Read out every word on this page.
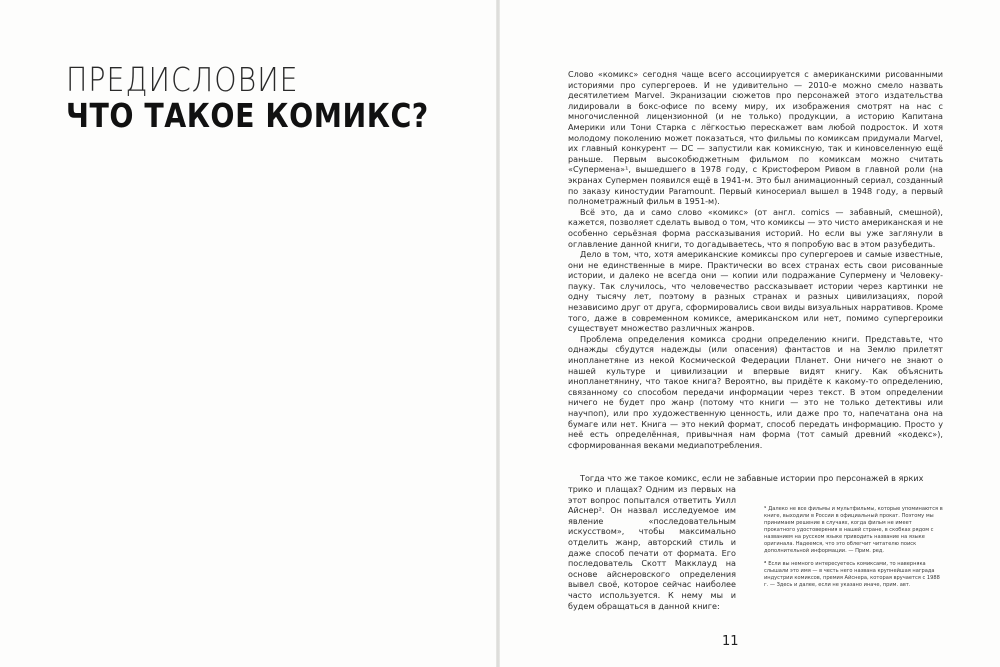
ПРЕДИСЛОВИЕ
ЧТО ТАКОЕ КОМИКС?

Слово «комикс» сегодня чаще всего ассоциируется с американскими рисованными историями про супергероев. И не удивительно — 2010-е можно смело назвать десятилетием Marvel. Экранизации сюжетов про персонажей этого издательства лидировали в бокс-офисе по всему миру, их изображения смотрят на нас с многочисленной лицензионной (и не только) продукции, а историю Капитана Америки или Тони Старка с лёгкостью перескажет вам любой подросток. И хотя молодому поколению может показаться, что фильмы по комиксам придумали Marvel, их главный конкурент — DC — запустили как комиксную, так и киновселенную ещё раньше. Первым высокобюджетным фильмом по комиксам можно считать «Супермена»¹, вышедшего в 1978 году, с Кристофером Ривом в главной роли (на экранах Супермен появился ещё в 1941-м. Это был анимационный сериал, созданный по заказу киностудии Paramount. Первый киносериал вышел в 1948 году, а первый полнометражный фильм в 1951-м).

Всё это, да и само слово «комикс» (от англ. comics — забавный, смешной), кажется, позволяет сделать вывод о том, что комиксы — это чисто американская и не особенно серьёзная форма рассказывания историй. Но если вы уже заглянули в оглавление данной книги, то догадываетесь, что я попробую вас в этом разубедить.

Дело в том, что, хотя американские комиксы про супергероев и самые известные, они не единственные в мире. Практически во всех странах есть свои рисованные истории, и далеко не всегда они — копии или подражание Супермену и Человеку-пауку. Так случилось, что человечество рассказывает истории через картинки не одну тысячу лет, поэтому в разных странах и разных цивилизациях, порой независимо друг от друга, сформировались свои виды визуальных нарративов. Кроме того, даже в современном комиксе, американском или нет, помимо супергероики существует множество различных жанров.

Проблема определения комикса сродни определению книги. Представьте, что однажды сбудутся надежды (или опасения) фантастов и на Землю прилетят инопланетяне из некой Космической Федерации Планет. Они ничего не знают о нашей культуре и цивилизации и впервые видят книгу. Как объяснить инопланетянину, что такое книга? Вероятно, вы придёте к какому-то определению, связанному со способом передачи информации через текст. В этом определении ничего не будет про жанр (потому что книги — это не только детективы или научпоп), или про художественную ценность, или даже про то, напечатана она на бумаге или нет. Книга — это некий формат, способ передать информацию. Просто у неё есть определённая, привычная нам форма (тот самый древний «кодекс»), сформированная веками медиапотребления.

Тогда что же такое комикс, если не забавные истории про персонажей в ярких

трико и плащах? Одним из первых на этот вопрос попытался ответить Уилл Айснер². Он назвал исследуемое им явление «последовательным искусством», чтобы максимально отделить жанр, авторский стиль и даже способ печати от формата. Его последователь Скотт Макклауд на основе айснеровского определения вывел своё, которое сейчас наиболее часто используется. К нему мы и будем обращаться в данной книге:

¹ Далеко не все фильмы и мультфильмы, которые упоминаются в книге, выходили в России в официальный прокат. Поэтому мы принимаем решение в случаях, когда фильм не имеет прокатного удостоверения в нашей стране, в скобках рядом с названием на русском языке приводить название на языке оригинала. Надеемся, что это облегчит читателю поиск дополнительной информации. — Прим. ред.
² Если вы немного интересуетесь комиксами, то наверняка слышали это имя — в честь него названа крупнейшая награда индустрии комиксов, премия Айснера, которая вручается с 1988 г. — Здесь и далее, если не указано иначе, прим. авт.
11
